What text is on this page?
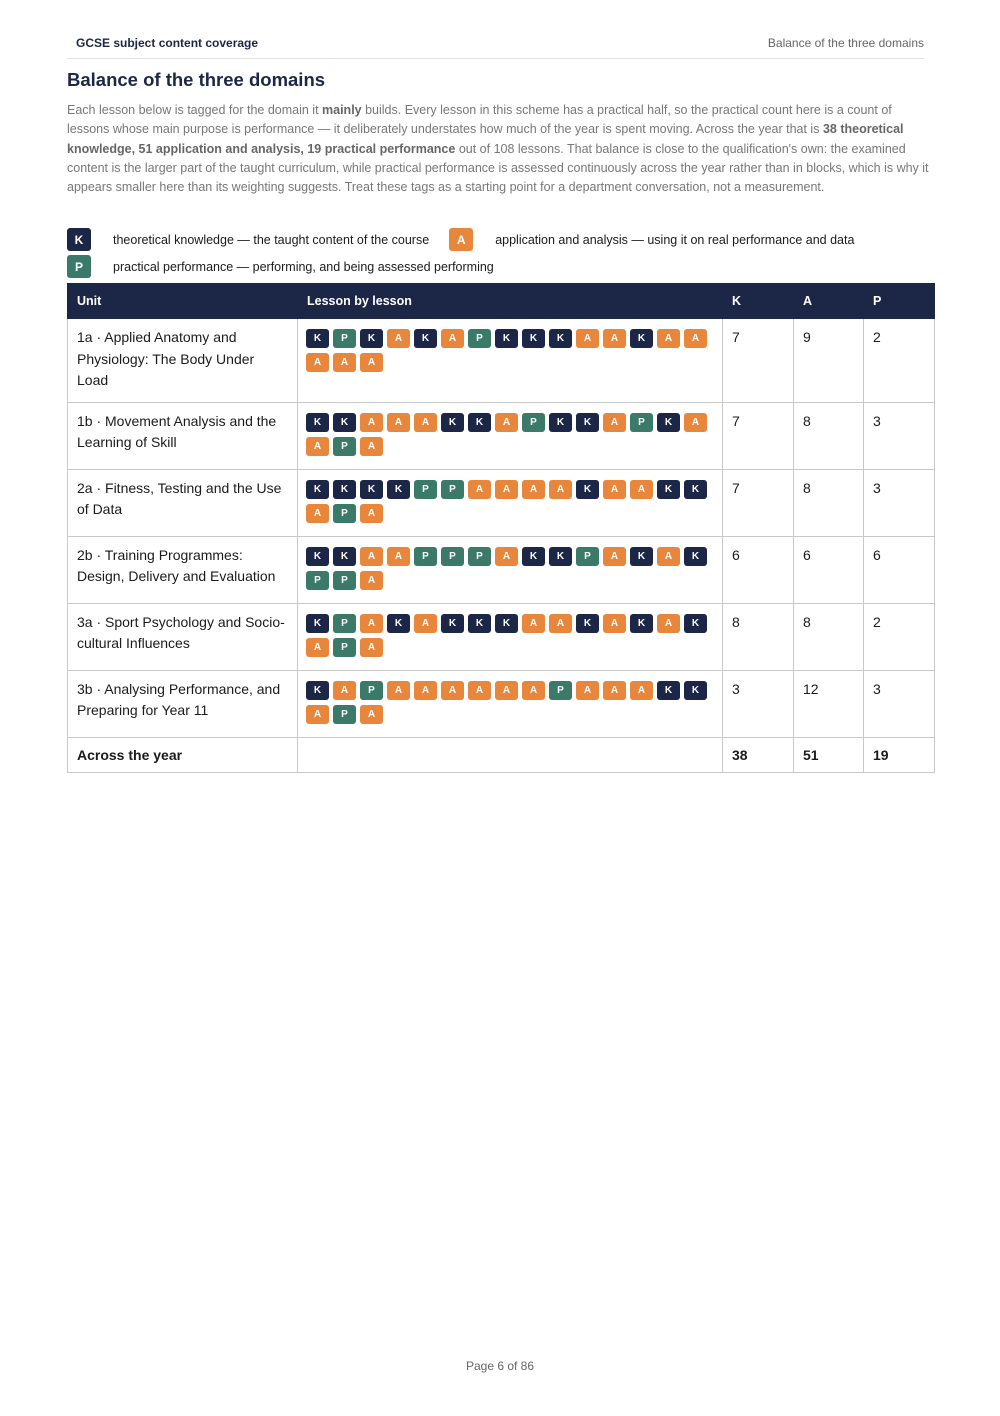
GCSE subject content coverage	Balance of the three domains
Balance of the three domains

Each lesson below is tagged for the domain it mainly builds. Every lesson in this scheme has a practical half, so the practical count here is a count of lessons whose main purpose is performance — it deliberately understates how much of the year is spent moving. Across the year that is 38 theoretical knowledge, 51 application and analysis, 19 practical performance out of 108 lessons. That balance is close to the qualification's own: the examined content is the larger part of the taught curriculum, while practical performance is assessed continuously across the year rather than in blocks, which is why it appears smaller here than its weighting suggests. Treat these tags as a starting point for a department conversation, not a measurement.

K	theoretical knowledge — the taught content of the course	A	application and analysis — using it on real performance and data
P	practical performance — performing, and being assessed performing
Unit	Lesson by lesson	K	A	P
1a · Applied Anatomy and Physiology: The Body Under Load	K P K A K A P K K K A A K A AA A A	7	9	2
1b · Movement Analysis and the Learning of Skill	K K A A A K K A P K K A P K AA P A	7	8	3
2a · Fitness, Testing and the Use of Data	K K K K P P A A A A K A A K KA P A	7	8	3
2b · Training Programmes: Design, Delivery and Evaluation	K K A A P P P A K K P A K A KP P A	6	6	6
3a · Sport Psychology and Socio-cultural Influences	K P A K A K K K A A K A K A KA P A	8	8	2
3b · Analysing Performance, and Preparing for Year 11	K A P A A A A A A P A A A K KA P A	3	12	3
Across the year		38	51	19
Page 6 of 86
